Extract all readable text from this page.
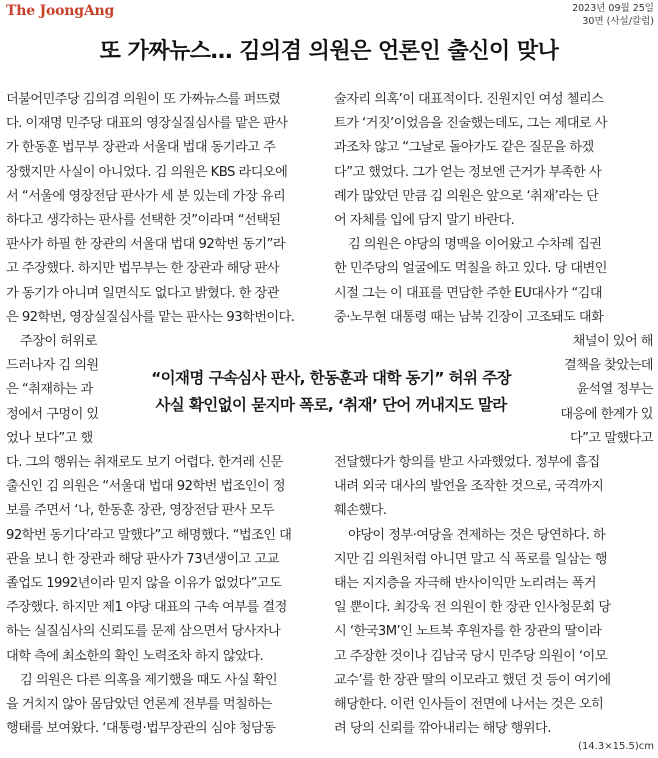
The JoongAng	2023년 09월 25일
30면 (사설/칼럼)
또 가짜뉴스… 김의겸 의원은 언론인 출신이 맞나
더불어민주당 김의겸 의원이 또 가짜뉴스를 퍼뜨렸
다. 이재명 민주당 대표의 영장실질심사를 맡은 판사
가 한동훈 법무부 장관과 서울대 법대 동기라고 주
장했지만 사실이 아니었다. 김 의원은 KBS 라디오에
서 “서울에 영장전담 판사가 세 분 있는데 가장 유리
하다고 생각하는 판사를 선택한 것”이라며 “선택된
판사가 하필 한 장관의 서울대 법대 92학번 동기”라
고 주장했다. 하지만 법무부는 한 장관과 해당 판사
가 동기가 아니며 일면식도 없다고 밝혔다. 한 장관
은 92학번, 영장실질심사를 맡는 판사는 93학번이다.
주장이 허위로
드러나자 김 의원
은 “취재하는 과
정에서 구멍이 있
었나 보다”고 했
“이재명 구속심사 판사, 한동훈과 대학 동기” 허위 주장
사실 확인없이 묻지마 폭로, ‘취재’ 단어 꺼내지도 말라
채널이 있어 해
결책을 찾았는데
윤석열 정부는
대응에 한계가 있
다”고 말했다고
다. 그의 행위는 취재로도 보기 어렵다. 한겨레 신문
출신인 김 의원은 “서울대 법대 92학번 법조인이 정
보를 주면서 ‘나, 한동훈 장관, 영장전담 판사 모두
92학번 동기다’라고 말했다”고 해명했다. “법조인 대
관을 보니 한 장관과 해당 판사가 73년생이고 고교
졸업도 1992년이라 믿지 않을 이유가 없었다”고도
주장했다. 하지만 제1 야당 대표의 구속 여부를 결정
하는 실질심사의 신뢰도를 문제 삼으면서 당사자나
대학 측에 최소한의 확인 노력조차 하지 않았다.
김 의원은 다른 의혹을 제기했을 때도 사실 확인
을 거치지 않아 몸담았던 언론계 전부를 먹칠하는
행태를 보여왔다. ‘대통령·법무장관의 심야 청담동
술자리 의혹’이 대표적이다. 진원지인 여성 첼리스
트가 ‘거짓’이었음을 진술했는데도, 그는 제대로 사
과조차 않고 “그날로 돌아가도 같은 질문을 하겠
다”고 했었다. 그가 얻는 정보엔 근거가 부족한 사
례가 많았던 만큼 김 의원은 앞으로 ‘취재’라는 단
어 자체를 입에 담지 말기 바란다.
김 의원은 야당의 명맥을 이어왔고 수차례 집권
한 민주당의 얼굴에도 먹칠을 하고 있다. 당 대변인
시절 그는 이 대표를 면담한 주한 EU대사가 “김대
중·노무현 대통령 때는 남북 긴장이 고조돼도 대화
전달했다가 항의를 받고 사과했었다. 정부에 흠집
내려 외국 대사의 발언을 조작한 것으로, 국격까지
훼손했다.
야당이 정부·여당을 견제하는 것은 당연하다. 하
지만 김 의원처럼 아니면 말고 식 폭로를 일삼는 행
태는 지지층을 자극해 반사이익만 노리려는 폭거
일 뿐이다. 최강욱 전 의원이 한 장관 인사청문회 당
시 ‘한국3M’인 노트북 후원자를 한 장관의 딸이라
고 주장한 것이나 김남국 당시 민주당 의원이 ‘이모
교수’를 한 장관 딸의 이모라고 했던 것 등이 여기에
해당한다. 이런 인사들이 전면에 나서는 것은 오히
려 당의 신뢰를 깎아내리는 해당 행위다.
(14.3×15.5)cm
